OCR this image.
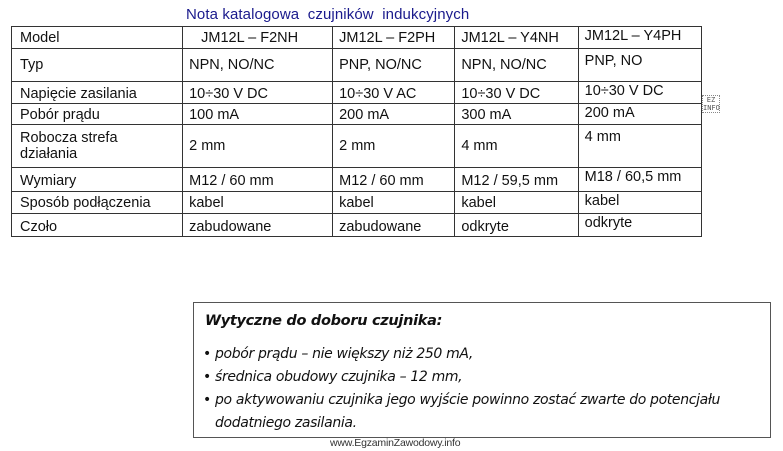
Nota katalogowa  czujników  indukcyjnych
Model	JM12L – F2NH	JM12L – F2PH	JM12L – Y4NH	JM12L – Y4PH
Typ	NPN, NO/NC	PNP, NO/NC	NPN, NO/NC	PNP, NO
Napięcie zasilania	10÷30 V DC	10÷30 V AC	10÷30 V DC	10÷30 V DC
Pobór prądu	100 mA	200 mA	300 mA	200 mA
Robocza strefa działania	2 mm	2 mm	4 mm	4 mm
Wymiary	M12 / 60 mm	M12 / 60 mm	M12 / 59,5 mm	M18 / 60,5 mm
Sposób podłączenia	kabel	kabel	kabel	kabel
Czoło	zabudowane	zabudowane	odkryte	odkryte
EZ
INFO
Wytyczne do doboru czujnika:
• pobór prądu – nie większy niż 250 mA,
• średnica obudowy czujnika – 12 mm,
• po aktywowaniu czujnika jego wyjście powinno zostać zwarte do potencjału dodatniego zasilania.
www.EgzaminZawodowy.info
